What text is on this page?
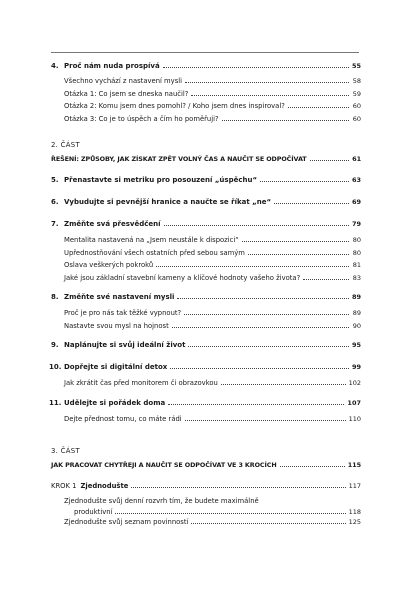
4. Proč nám nuda prospívá	55
Všechno vychází z nastavení mysli	58
Otázka 1: Co jsem se dneska naučil?	59
Otázka 2: Komu jsem dnes pomohl? / Koho jsem dnes inspiroval?	60
Otázka 3: Co je to úspěch a čím ho poměřuji?	60
2. ČÁST
ŘEŠENÍ: ZPŮSOBY, JAK ZÍSKAT ZPĚT VOLNÝ ČAS A NAUČIT SE ODPOČÍVAT	61
5. Přenastavte si metriku pro posouzení „úspěchu“	63
6. Vybudujte si pevnější hranice a naučte se říkat „ne“	69
7. Změňte svá přesvědčení	79
Mentalita nastavená na „Jsem neustále k dispozici“	80
Upřednostňování všech ostatních před sebou samým	80
Oslava veškerých pokroků	81
Jaké jsou základní stavební kameny a klíčové hodnoty vašeho života?	83
8. Změňte své nastavení mysli	89
Proč je pro nás tak těžké vypnout?	89
Nastavte svou mysl na hojnost	90
9. Naplánujte si svůj ideální život	95
10. Dopřejte si digitální detox	99
Jak zkrátit čas před monitorem či obrazovkou	102
11. Udělejte si pořádek doma	107
Dejte přednost tomu, co máte rádi	110
3. ČÁST
JAK PRACOVAT CHYTŘEJI A NAUČIT SE ODPOČÍVAT VE 3 KROCÍCH	115
KROK 1 Zjednodušte	117
Zjednodušte svůj denní rozvrh tím, že budete maximálně
produktivní	118
Zjednodušte svůj seznam povinností	125
